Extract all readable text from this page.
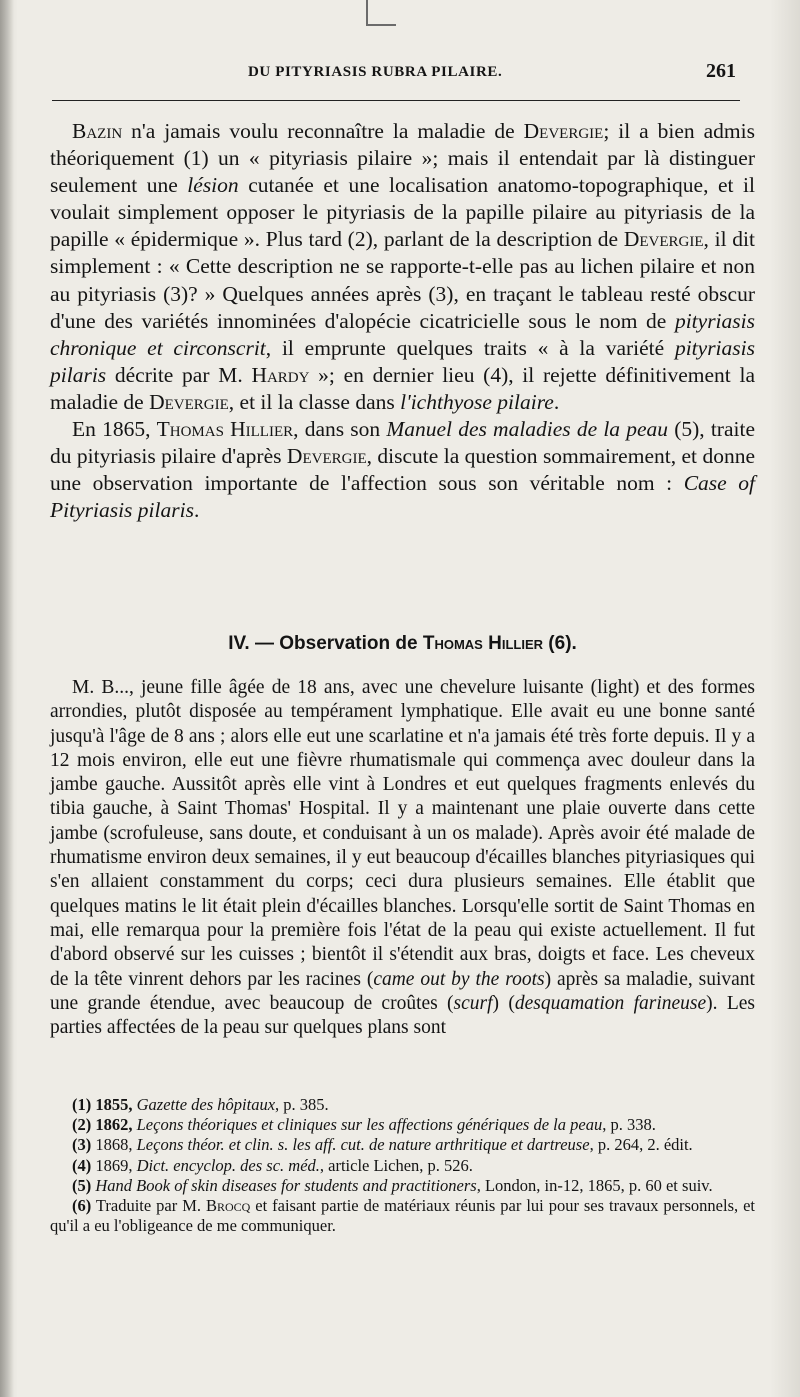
DU PITYRIASIS RUBRA PILAIRE.	261

Bazin n'a jamais voulu reconnaître la maladie de Devergie; il a bien admis théoriquement (1) un « pityriasis pilaire »; mais il entendait par là distinguer seulement une lésion cutanée et une localisation anatomo-topographique, et il voulait simplement opposer le pityriasis de la papille pilaire au pityriasis de la papille « épidermique ». Plus tard (2), parlant de la description de Devergie, il dit simplement : « Cette description ne se rapporte-t-elle pas au lichen pilaire et non au pityriasis (3)? » Quelques années après (3), en traçant le tableau resté obscur d'une des variétés innominées d'alopécie cicatricielle sous le nom de pityriasis chronique et circonscrit, il emprunte quelques traits « à la variété pityriasis pilaris décrite par M. Hardy »; en dernier lieu (4), il rejette définitivement la maladie de Devergie, et il la classe dans l'ichthyose pilaire.

En 1865, Thomas Hillier, dans son Manuel des maladies de la peau (5), traite du pityriasis pilaire d'après Devergie, discute la question sommairement, et donne une observation importante de l'affection sous son véritable nom : Case of Pityriasis pilaris.

IV. — Observation de Thomas Hillier (6).

M. B..., jeune fille âgée de 18 ans, avec une chevelure luisante (light) et des formes arrondies, plutôt disposée au tempérament lymphatique. Elle avait eu une bonne santé jusqu'à l'âge de 8 ans ; alors elle eut une scarlatine et n'a jamais été très forte depuis. Il y a 12 mois environ, elle eut une fièvre rhumatismale qui commença avec douleur dans la jambe gauche. Aussitôt après elle vint à Londres et eut quelques fragments enlevés du tibia gauche, à Saint Thomas' Hospital. Il y a maintenant une plaie ouverte dans cette jambe (scrofuleuse, sans doute, et conduisant à un os malade). Après avoir été malade de rhumatisme environ deux semaines, il y eut beaucoup d'écailles blanches pityriasiques qui s'en allaient constamment du corps; ceci dura plusieurs semaines. Elle établit que quelques matins le lit était plein d'écailles blanches. Lorsqu'elle sortit de Saint Thomas en mai, elle remarqua pour la première fois l'état de la peau qui existe actuellement. Il fut d'abord observé sur les cuisses ; bientôt il s'étendit aux bras, doigts et face. Les cheveux de la tête vinrent dehors par les racines (came out by the roots) après sa maladie, suivant une grande étendue, avec beaucoup de croûtes (scurf) (desquamation farineuse). Les parties affectées de la peau sur quelques plans sont

(1) 1855, Gazette des hôpitaux, p. 385.

(2) 1862, Leçons théoriques et cliniques sur les affections génériques de la peau, p. 338.

(3) 1868, Leçons théor. et clin. s. les aff. cut. de nature arthritique et dartreuse, p. 264, 2. édit.

(4) 1869, Dict. encyclop. des sc. méd., article Lichen, p. 526.

(5) Hand Book of skin diseases for students and practitioners, London, in-12, 1865, p. 60 et suiv.

(6) Traduite par M. Brocq et faisant partie de matériaux réunis par lui pour ses travaux personnels, et qu'il a eu l'obligeance de me communiquer.
